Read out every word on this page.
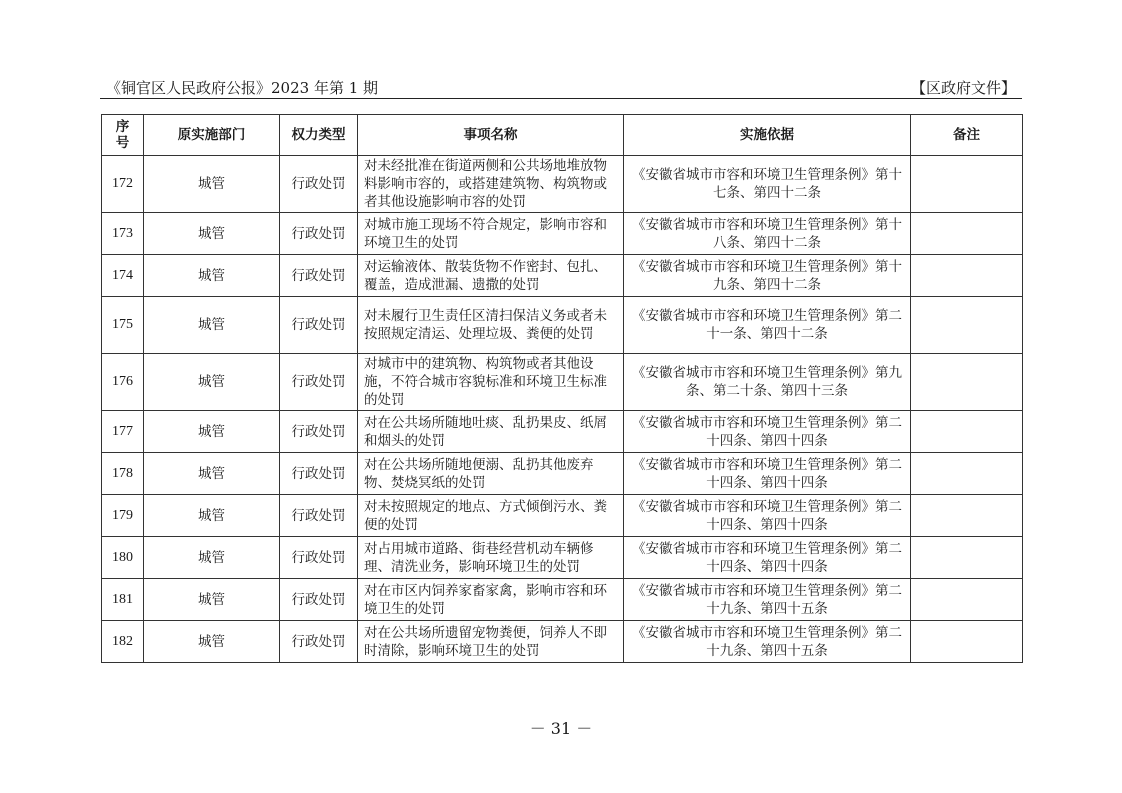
《铜官区人民政府公报》2023 年第 1 期	【区政府文件】
序号	原实施部门	权力类型	事项名称	实施依据	备注
172	城管	行政处罚	对未经批准在街道两侧和公共场地堆放物料影响市容的，或搭建建筑物、构筑物或者其他设施影响市容的处罚	《安徽省城市市容和环境卫生管理条例》第十七条、第四十二条	
173	城管	行政处罚	对城市施工现场不符合规定，影响市容和环境卫生的处罚	《安徽省城市市容和环境卫生管理条例》第十八条、第四十二条	
174	城管	行政处罚	对运输液体、散装货物不作密封、包扎、覆盖，造成泄漏、遗撒的处罚	《安徽省城市市容和环境卫生管理条例》第十九条、第四十二条	
175	城管	行政处罚	对未履行卫生责任区清扫保洁义务或者未按照规定清运、处理垃圾、粪便的处罚	《安徽省城市市容和环境卫生管理条例》第二十一条、第四十二条	
176	城管	行政处罚	对城市中的建筑物、构筑物或者其他设施，不符合城市容貌标准和环境卫生标准的处罚	《安徽省城市市容和环境卫生管理条例》第九条、第二十条、第四十三条	
177	城管	行政处罚	对在公共场所随地吐痰、乱扔果皮、纸屑和烟头的处罚	《安徽省城市市容和环境卫生管理条例》第二十四条、第四十四条	
178	城管	行政处罚	对在公共场所随地便溺、乱扔其他废弃物、焚烧冥纸的处罚	《安徽省城市市容和环境卫生管理条例》第二十四条、第四十四条	
179	城管	行政处罚	对未按照规定的地点、方式倾倒污水、粪便的处罚	《安徽省城市市容和环境卫生管理条例》第二十四条、第四十四条	
180	城管	行政处罚	对占用城市道路、街巷经营机动车辆修理、清洗业务，影响环境卫生的处罚	《安徽省城市市容和环境卫生管理条例》第二十四条、第四十四条	
181	城管	行政处罚	对在市区内饲养家畜家禽，影响市容和环境卫生的处罚	《安徽省城市市容和环境卫生管理条例》第二十九条、第四十五条	
182	城管	行政处罚	对在公共场所遗留宠物粪便，饲养人不即时清除，影响环境卫生的处罚	《安徽省城市市容和环境卫生管理条例》第二十九条、第四十五条	
－ 31 －
